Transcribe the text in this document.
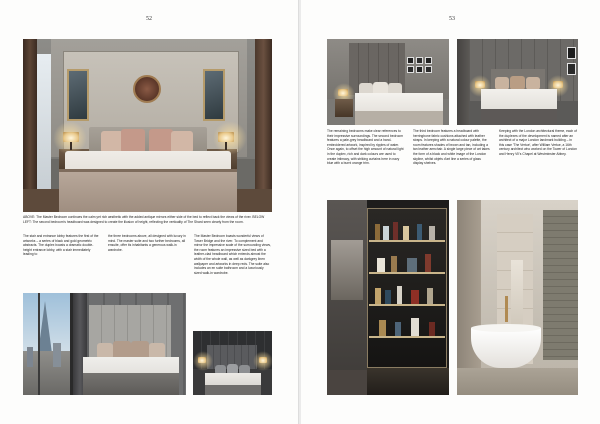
52
ABOVE: The Master Bedroom continues the calm yet rich aesthetic with the added antique mirrors either side of the bed to reflect back the views of the river. BELOW LEFT: The second bedroom's headboard was designed to create the illusion of height, reflecting the verticality of The Shard seen clearly from the room.
The stair and entrance lobby features the first of the artworks – a series of black and gold geometric abstracts. The duplex boasts a dramatic double-height entrance lobby, with a stair immediately leading to
the three bedrooms above, all designed with luxury in mind. The master suite and two further bedrooms, all ensuite, offer its inhabitants a generous walk-in wardrobe.
The Master Bedroom boasts wonderful views of Tower Bridge and the river. To complement and mirror the impressive scale of the surrounding views, the room features an impressive sized bed with a leather-clad headboard which extends almost the width of the whole wall, as well as darkgrey linen wallpaper and artworks in deep reds. The suite also includes an en suite bathroom and a luxuriously sized walk-in wardrobe.
53
The remaining bedrooms make clear references to their impressive surroundings. The second bedroom features a pale-grey headboard and a hand-embroidered artwork, inspired by ripples of water. Once again, to offset the high amount of natural light in the duplex, rich and dark colours are used to create intimacy, with striking curtains here in navy blue with a burnt orange trim.
The third bedroom features a headboard with herringbone fabric cushions attached with leather straps. In keeping with a natural colour palette, the room features shades of brown and tan, including a tan leather armchair. A single large piece of art takes the form of a black and white image of the London skyline, whilst objets d'art line a series of glass display shelves.
Keeping with the London architectural theme, each of the duplexes of the development is named after an architect of a major London landmark building – in this case 'The Vertue', after William Vertue, a 16th century architect who worked on the Tower of London and Henry VII's Chapel at Westminster Abbey.
